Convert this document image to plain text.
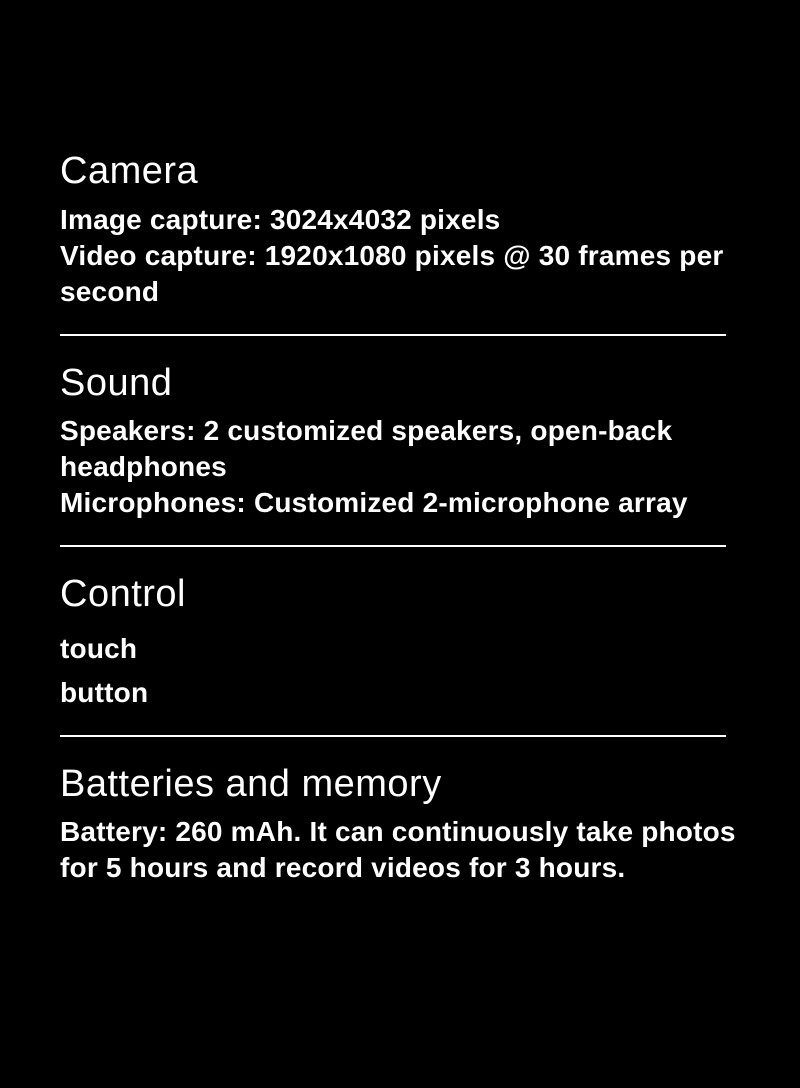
Camera

Image capture: 3024x4032 pixels

Video capture: 1920x1080 pixels @ 30 frames per second

Sound

Speakers: 2 customized speakers, open-back headphones

Microphones: Customized 2-microphone array

Control

touch

button

Batteries and memory

Battery: 260 mAh. It can continuously take photos for 5 hours and record videos for 3 hours.
